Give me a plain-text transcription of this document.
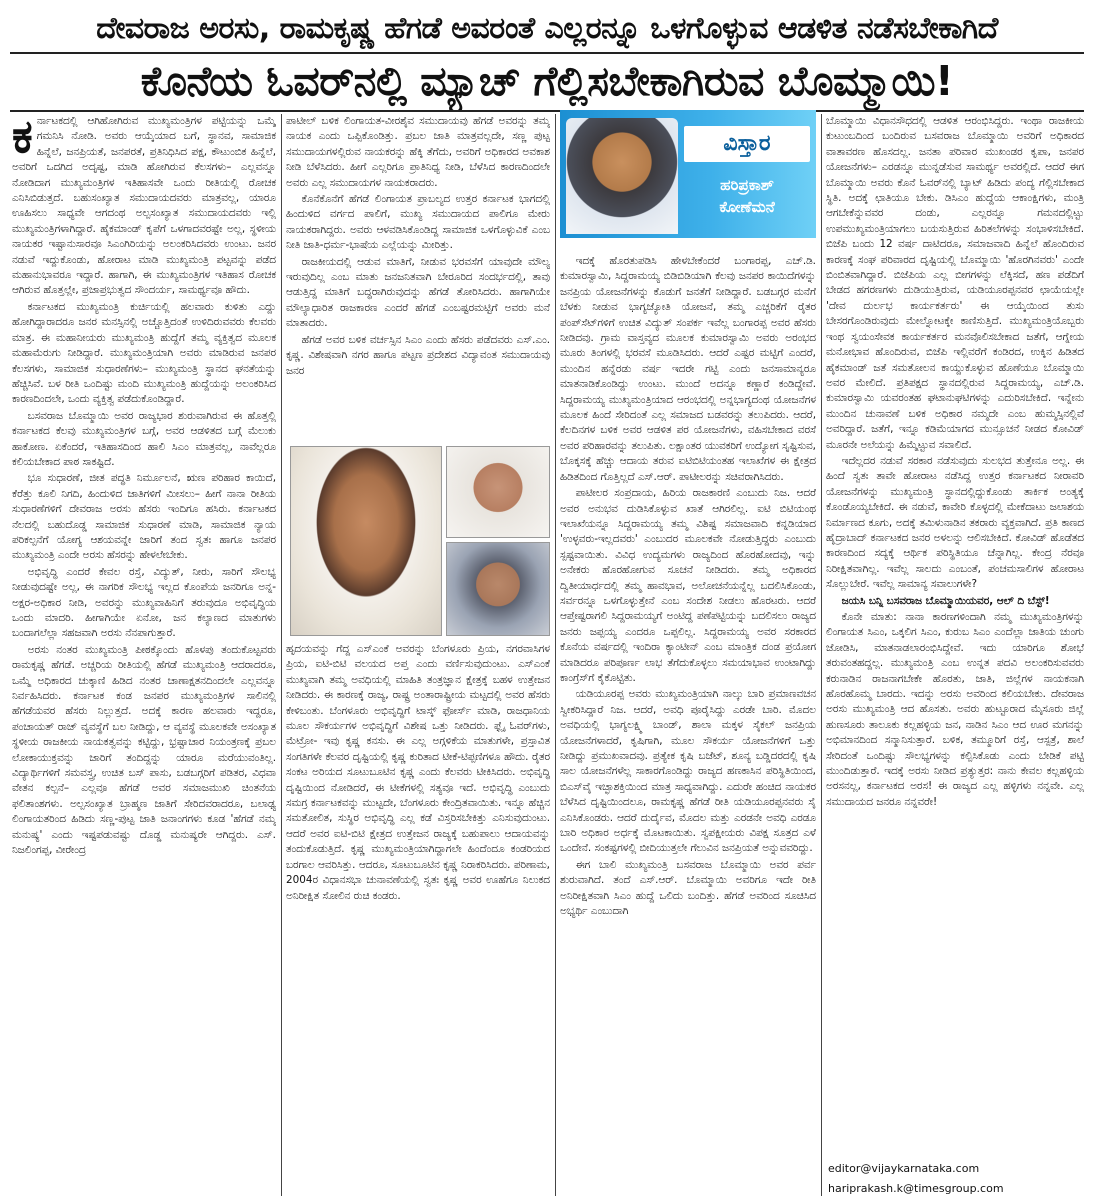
ದೇವರಾಜ ಅರಸು, ರಾಮಕೃಷ್ಣ ಹೆಗಡೆ ಅವರಂತೆ ಎಲ್ಲರನ್ನೂ ಒಳಗೊಳ್ಳುವ ಆಡಳಿತ ನಡೆಸಬೇಕಾಗಿದೆ
ಕೊನೆಯ ಓವರ್‌ನಲ್ಲಿ ಮ್ಯಾಚ್ ಗೆಲ್ಲಿಸಬೇಕಾಗಿರುವ ಬೊಮ್ಮಾಯಿ!

ಕರ್ನಾಟಕದಲ್ಲಿ ಆಗಿಹೋಗಿರುವ ಮುಖ್ಯಮಂತ್ರಿಗಳ ಪಟ್ಟಿಯನ್ನು ಒಮ್ಮೆ ಗಮನಿಸಿ ನೋಡಿ. ಅವರು ಆಯ್ಕೆಯಾದ ಬಗೆ, ಸ್ಥಾನವ, ಸಾಮಾಜಿಕ ಹಿನ್ನೆಲೆ, ಜನಪ್ರಿಯತೆ, ಜನಪರತೆ, ಪ್ರತಿನಿಧಿಸಿದ ಪಕ್ಷ, ಕೌಟುಂಬಿಕ ಹಿನ್ನೆಲೆ, ಅವರಿಗೆ ಒದಗಿದ ಅದೃಷ್ಟ, ಮಾಡಿ ಹೋಗಿರುವ ಕೆಲಸಗಳು– ಎಲ್ಲವನ್ನೂ ನೋಡಿದಾಗ ಮುಖ್ಯಮಂತ್ರಿಗಳ ಇತಿಹಾಸವೇ ಒಂದು ರೀತಿಯಲ್ಲಿ ರೋಚಕ ಎನಿಸಿಬಿಡುತ್ತದೆ. ಬಹುಸಂಖ್ಯಾತ ಸಮುದಾಯದವರು ಮಾತ್ರವಲ್ಲ, ಯಾರೂ ಊಹಿಸಲು ಸಾಧ್ಯವೇ ಆಗದಂಥ ಅಲ್ಪಸಂಖ್ಯಾತ ಸಮುದಾಯದವರು ಇಲ್ಲಿ ಮುಖ್ಯಮಂತ್ರಿಗಳಾಗಿದ್ದಾರೆ. ಹೈಕಮಾಂಡ್ ಕೃಪೆಗೆ ಒಳಗಾದವರಷ್ಟೇ ಅಲ್ಲ, ಸ್ಥಳೀಯ ನಾಯಕರ ಇಷ್ಟಾನುಸಾರವೂ ಸಿಎಂಗಿರಿಯನ್ನು ಅಲಂಕರಿಸಿದವರು ಉಂಟು. ಜನರ ನಡುವೆ ಇದ್ದುಕೊಂಡು, ಹೋರಾಟ ಮಾಡಿ ಮುಖ್ಯಮಂತ್ರಿ ಪಟ್ಟವನ್ನು ಪಡೆದ ಮಹಾನುಭಾವರೂ ಇದ್ದಾರೆ. ಹಾಗಾಗಿ, ಈ ಮುಖ್ಯಮಂತ್ರಿಗಳ ಇತಿಹಾಸ ರೋಚಕ ಆಗಿರುವ ಹೊತ್ತಲ್ಲೇ, ಪ್ರಜಾಪ್ರಭುತ್ವದ ಸೌಂದರ್ಯ, ಸಾಮರ್ಥ್ಯವೂ ಹೌದು.

ಕರ್ನಾಟಕದ ಮುಖ್ಯಮಂತ್ರಿ ಕುರ್ಚಿಯಲ್ಲಿ ಹಲವಾರು ಕುಳಿತು ಎದ್ದು ಹೋಗಿದ್ದಾರಾದರೂ ಜನರ ಮನಸ್ಸಿನಲ್ಲಿ ಅಚ್ಚೊತ್ತಿದಂತೆ ಉಳಿದಿರುವವರು ಕೆಲವರು ಮಾತ್ರ. ಈ ಮಹಾನೀಯರು ಮುಖ್ಯಮಂತ್ರಿ ಹುದ್ದೆಗೆ ತಮ್ಮ ವ್ಯಕ್ತಿತ್ವದ ಮೂಲಕ ಮಹಾಮೆರುಗು ನೀಡಿದ್ದಾರೆ. ಮುಖ್ಯಮಂತ್ರಿಯಾಗಿ ಅವರು ಮಾಡಿರುವ ಜನಪರ ಕೆಲಸಗಳು, ಸಾಮಾಜಿಕ ಸುಧಾರಣೆಗಳು– ಮುಖ್ಯಮಂತ್ರಿ ಸ್ಥಾನದ ಘನತೆಯನ್ನು ಹೆಚ್ಚಿಸಿವೆ. ಬಳ ರೀತಿ ಒಂದಿಷ್ಟು ಮಂದಿ ಮುಖ್ಯಮಂತ್ರಿ ಹುದ್ದೆಯನ್ನು ಅಲಂಕರಿಸಿದ ಕಾರಣದಿಂದಲೇ, ಒಂದು ವ್ಯಕ್ತಿತ್ವ ಪಡೆದುಕೊಂಡಿದ್ದಾರೆ.

ಬಸವರಾಜ ಬೊಮ್ಮಾಯಿ ಅವರ ರಾಜ್ಯಭಾರ ಶುರುವಾಗಿರುವ ಈ ಹೊತ್ತಲ್ಲಿ ಕರ್ನಾಟಕದ ಕೆಲವು ಮುಖ್ಯಮಂತ್ರಿಗಳ ಬಗ್ಗೆ, ಅವರ ಆಡಳಿತದ ಬಗ್ಗೆ ಮೆಲುಕು ಹಾಕೋಣ. ಏಕೆಂದರೆ, ಇತಿಹಾಸದಿಂದ ಹಾಲಿ ಸಿಎಂ ಮಾತ್ರವಲ್ಲ, ನಾವೆಲ್ಲರೂ ಕಲಿಯಬೇಕಾದ ಪಾಠ ಸಾಕಷ್ಟಿದೆ.

ಭೂ ಸುಧಾರಣೆ, ಜೀತ ಪದ್ಧತಿ ನಿರ್ಮೂಲನೆ, ಋಣ ಪರಿಹಾರ ಕಾಯಿದೆ, ಕೆರೆತ್ತು ಕೂಲಿ ನಿಗದಿ, ಹಿಂದುಳಿದ ಜಾತಿಗಳಿಗೆ ಮೀಸಲು– ಹೀಗೆ ನಾನಾ ರೀತಿಯ ಸುಧಾರಣೆಗಳಿಗೆ ದೇವರಾಜ ಅರಸು ಹೆಸರು ಇಂದಿಗೂ ಹಸಿರು. ಕರ್ನಾಟಕದ ನೆಲದಲ್ಲಿ ಬಹುದೊಡ್ಡ ಸಾಮಾಜಿಕ ಸುಧಾರಣೆ ಮಾಡಿ, ಸಾಮಾಜಿಕ ನ್ಯಾಯ ಪರಿಕಲ್ಪನೆಗೆ ಯೋಗ್ಯ ಆಶಯವನ್ನೇ ಜಾರಿಗೆ ತಂದ ಸ್ವತಃ ಹಾಗೂ ಜನಪರ ಮುಖ್ಯಮಂತ್ರಿ ಎಂದೇ ಅರಸು ಹೆಸರನ್ನು ಹೇಳಲೇಬೇಕು.

ಅಭಿವೃದ್ಧಿ ಎಂದರೆ ಕೇವಲ ರಸ್ತೆ, ವಿದ್ಯುತ್, ನೀರು, ಸಾರಿಗೆ ಸೌಲಭ್ಯ ನೀಡುವುದಷ್ಟೇ ಅಲ್ಲ, ಈ ನಾಗರಿಕ ಸೌಲಭ್ಯ ಇಲ್ಲದ ಕೊಂಪೆಯ ಜನರಿಗೂ ಅನ್ನ-ಅಕ್ಷರ-ಅಧಿಕಾರ ನೀಡಿ, ಅವರನ್ನು ಮುಖ್ಯವಾಹಿನಿಗೆ ತರುವುದೂ ಅಭಿವೃದ್ಧಿಯ ಒಂದು ಮಾದರಿ. ಹೀಗಾಗಿಯೇ ಏನೋ, ಜನ ಕಲ್ಯಾಣದ ಮಾತುಗಳು ಬಂದಾಗಲೆಲ್ಲಾ ಸಹಜವಾಗಿ ಅರಸು ನೆನಪಾಗುತ್ತಾರೆ.

ಅರಸು ನಂತರ ಮುಖ್ಯಮಂತ್ರಿ ಪೀಠಕ್ಕೊಂದು ಹೊಳಪು ತಂದುಕೊಟ್ಟವರು ರಾಮಕೃಷ್ಣ ಹೆಗಡೆ. ಅಚ್ಚರಿಯ ರೀತಿಯಲ್ಲಿ ಹೆಗಡೆ ಮುಖ್ಯಮಂತ್ರಿ ಆದರಾದರೂ, ಒಮ್ಮೆ ಅಧಿಕಾರದ ಚುಕ್ಕಾಣಿ ಹಿಡಿದ ನಂತರ ಚಾಣಾಕ್ಷತನದಿಂದಲೇ ಎಲ್ಲವನ್ನೂ ನಿರ್ವಹಿಸಿದರು. ಕರ್ನಾಟಕ ಕಂಡ ಜನಪರ ಮುಖ್ಯಮಂತ್ರಿಗಳ ಸಾಲಿನಲ್ಲಿ ಹೆಗಡೆಯವರ ಹೆಸರು ನಿಲ್ಲುತ್ತದೆ. ಅದಕ್ಕೆ ಕಾರಣ ಹಲವಾರು ಇದ್ದರೂ, ಪಂಚಾಯತ್ ರಾಜ್ ವ್ಯವಸ್ಥೆಗೆ ಬಲ ನೀಡಿದ್ದು, ಆ ವ್ಯವಸ್ಥೆ ಮೂಲಕವೇ ಅಸಂಖ್ಯಾತ ಸ್ಥಳೀಯ ರಾಜಕೀಯ ನಾಯಕತ್ವವನ್ನು ಕಟ್ಟಿದ್ದು, ಭ್ರಷ್ಟಾಚಾರ ನಿಯಂತ್ರಣಕ್ಕೆ ಪ್ರಬಲ ಲೋಕಾಯುಕ್ತವನ್ನು ಜಾರಿಗೆ ತಂದಿದ್ದನ್ನು ಯಾರೂ ಮರೆಯುವಂತಿಲ್ಲ. ವಿದ್ಯಾರ್ಥಿಗಳಿಗೆ ಸಮವಸ್ತ್ರ, ಉಚಿತ ಬಸ್ ಪಾಸು, ಬಡಬಗ್ಗರಿಗೆ ಪಡಿತರ, ವಿಧವಾ ವೇತನ ಕಲ್ಪನೆ– ಎಲ್ಲವೂ ಹೆಗಡೆ ಅವರ ಸಮಾಜಮುಖಿ ಚಿಂತನೆಯ ಫಲಿತಾಂಶಗಳು. ಅಲ್ಪಸಂಖ್ಯಾತ ಬ್ರಾಹ್ಮಣ ಜಾತಿಗೆ ಸೇರಿದವರಾದರೂ, ಬಲಾಢ್ಯ ಲಿಂಗಾಯತರಿಂದ ಹಿಡಿದು ಸಣ್ಣ-ಪುಟ್ಟ ಜಾತಿ ಜನಾಂಗಗಳು ಕೂಡ 'ಹೆಗಡೆ ನಮ್ಮ ಮನುಷ್ಯ' ಎಂದು ಇಷ್ಟಪಡುವಷ್ಟು ದೊಡ್ಡ ಮನುಷ್ಯರೇ ಆಗಿದ್ದರು. ಎಸ್. ನಿಜಲಿಂಗಪ್ಪ, ವೀರೇಂದ್ರ

ಪಾಟೀಲ್ ಬಳಿಕ ಲಿಂಗಾಯತ-ವೀರಶೈವ ಸಮುದಾಯವು ಹೆಗಡೆ ಅವರನ್ನು ತಮ್ಮ ನಾಯಕ ಎಂದು ಒಪ್ಪಿಕೊಂಡಿತ್ತು. ಪ್ರಬಲ ಜಾತಿ ಮಾತ್ರವಲ್ಲದೇ, ಸಣ್ಣ ಪುಟ್ಟ ಸಮುದಾಯಗಳಲ್ಲಿರುವ ನಾಯಕರನ್ನು ಹೆಕ್ಕಿ ತೆಗೆದು, ಅವರಿಗೆ ಅಧಿಕಾರದ ಅವಕಾಶ ನೀಡಿ ಬೆಳೆಸಿದರು. ಹೀಗೆ ಎಲ್ಲರಿಗೂ ಪ್ರಾತಿನಿಧ್ಯ ನೀಡಿ, ಬೆಳೆಸಿದ ಕಾರಣದಿಂದಲೇ ಅವರು ಎಲ್ಲ ಸಮುದಾಯಗಳ ನಾಯಕರಾದರು.

ಕೊನೆಕೊನೆಗೆ ಹೆಗಡೆ ಲಿಂಗಾಯತ ಪ್ರಾಬಲ್ಯದ ಉತ್ತರ ಕರ್ನಾಟಕ ಭಾಗದಲ್ಲಿ ಹಿಂದುಳಿದ ವರ್ಗದ ಪಾಲಿಗೆ, ಮುಖ್ಯ ಸಮುದಾಯದ ಪಾಲಿಗೂ ಮೇರು ನಾಯಕರಾಗಿದ್ದರು. ಅವರು ಆಳವಡಿಸಿಕೊಂಡಿದ್ದ ಸಾಮಾಜಿಕ ಒಳಗೊಳ್ಳುವಿಕೆ ಎಂಬ ನೀತಿ ಜಾತಿ-ಧರ್ಮ-ಭಾಷೆಯ ಎಲ್ಲೆಯನ್ನು ಮೀರಿತ್ತು.

ರಾಜಕೀಯದಲ್ಲಿ ಆಡುವ ಮಾತಿಗೆ, ನೀಡುವ ಭರವಸೆಗೆ ಯಾವುದೇ ಮೌಲ್ಯ ಇರುವುದಿಲ್ಲ ಎಂಬ ಮಾತು ಜನಜನಿತವಾಗಿ ಬೇರೂರಿದ ಸಂದರ್ಭದಲ್ಲಿ, ತಾವು ಆಡುತ್ತಿದ್ದ ಮಾತಿಗೆ ಬದ್ಧರಾಗಿರುವುದನ್ನು ಹೆಗಡೆ ತೋರಿಸಿದರು. ಹಾಗಾಗಿಯೇ ಮೌಲ್ಯಾಧಾರಿತ ರಾಜಕಾರಣ ಎಂದರೆ ಹೆಗಡೆ ಎಂಬಷ್ಟರಮಟ್ಟಿಗೆ ಅವರು ಮನೆ ಮಾತಾದರು.

ಹೆಗಡೆ ಅವರ ಬಳಿಕ ವರ್ಚಸ್ಸಿನ ಸಿಎಂ ಎಂದು ಹೆಸರು ಪಡೆದವರು ಎಸ್.ಎಂ. ಕೃಷ್ಣ. ವಿಶೇಷವಾಗಿ ನಗರ ಹಾಗೂ ಪಟ್ಟಣ ಪ್ರದೇಶದ ವಿದ್ಯಾವಂತ ಸಮುದಾಯವು ಜನರ

ಹೃದಯವನ್ನು ಗೆದ್ದ ಎಸ್‌ಎಂಕೆ ಅವರನ್ನು ಬೆಂಗಳೂರು ಪ್ರಿಯ, ನಗರವಾಸಿಗಳ ಪ್ರಿಯ, ಐಟಿ-ಬಿಟಿ ವಲಯದ ಅಪ್ತ ಎಂದು ವರ್ಣಿಸುವುದುಂಟು. ಎಸ್‌ಎಂಕೆ ಮುಖ್ಯವಾಗಿ ತಮ್ಮ ಅವಧಿಯಲ್ಲಿ ಮಾಹಿತಿ ತಂತ್ರಜ್ಞಾನ ಕ್ಷೇತ್ರಕ್ಕೆ ಬಹಳ ಉತ್ತೇಜನ ನೀಡಿದರು. ಈ ಕಾರಣಕ್ಕೆ ರಾಜ್ಯ, ರಾಷ್ಟ್ರ ಅಂತಾರಾಷ್ಟ್ರೀಯ ಮಟ್ಟದಲ್ಲಿ ಅವರ ಹೆಸರು ಕೇಳಿಬಂತು. ಬೆಂಗಳೂರು ಅಭಿವೃದ್ಧಿಗೆ ಟಾಸ್ಕ್ ಫೋರ್ಸ್ ಮಾಡಿ, ರಾಜಧಾನಿಯ ಮೂಲ ಸೌಕರ್ಯಗಳ ಅಭಿವೃದ್ಧಿಗೆ ವಿಶೇಷ ಒತ್ತು ನೀಡಿದರು. ಫ್ಲೈ ಓವರ್‌ಗಳು, ಮೆಟ್ರೋ- ಇವು ಕೃಷ್ಣ ಕನಸು. ಈ ಎಲ್ಲ ಅಗ್ಗಳಿಕೆಯ ಮಾತುಗಳೇ, ಪ್ರಸ್ತಾವಿತ ಸಂಗತಿಗಳೇ ಕೆಲವರ ದೃಷ್ಟಿಯಲ್ಲಿ ಕೃಷ್ಣ ಕುರಿತಾದ ಟೀಕೆ-ಟಿಪ್ಪಣಿಗಳೂ ಹೌದು. ರೈತರ ಸಂಕಟ ಅರಿಯದ ಸೂಟುಬೂಟಿನ ಕೃಷ್ಣ ಎಂದು ಕೆಲವರು ಟೀಕಿಸಿದರು. ಅಭಿವೃದ್ಧಿ ದೃಷ್ಟಿಯಿಂದ ನೋಡಿದರೆ, ಈ ಟೀಕೆಗಳಲ್ಲಿ ಸತ್ಯವೂ ಇದೆ. ಅಭಿವೃದ್ಧಿ ಎಂಬುದು ಸಮಗ್ರ ಕರ್ನಾಟಕವನ್ನು ಮುಟ್ಟದೇ, ಬೆಂಗಳೂರು ಕೇಂದ್ರಿತವಾಯಿತು. ಇನ್ನೂ ಹೆಚ್ಚಿನ ಸಮತೋಲಿತ, ಸುಸ್ಥಿರ ಅಭಿವೃದ್ಧಿ ಎಲ್ಲ ಕಡೆ ವಿಸ್ತರಿಸಬೇಕಿತ್ತು ಎನಿಸುವುದುಂಟು. ಆದರೆ ಅವರ ಐಟಿ-ಬಿಟಿ ಕ್ಷೇತ್ರದ ಉತ್ತೇಜನ ರಾಜ್ಯಕ್ಕೆ ಬಹುಪಾಲು ಆದಾಯವನ್ನು ತಂದುಕೊಡುತ್ತಿದೆ. ಕೃಷ್ಣ ಮುಖ್ಯಮಂತ್ರಿಯಾಗಿದ್ದಾಗಲೇ ಹಿಂದೆಂದೂ ಕಂಡರಿಯದ ಬರಗಾಲ ಆವರಿಸಿತ್ತು. ಆದರೂ, ಸೂಟುಬೂಟಿನ ಕೃಷ್ಣ ನಿರಾಕರಿಸಿದರು. ಪರಿಣಾಮ, 2004ರ ವಿಧಾನಸಭಾ ಚುನಾವಣೆಯಲ್ಲಿ ಸ್ವತಃ ಕೃಷ್ಣ ಅವರ ಊಹೆಗೂ ನಿಲುಕದ ಅನಿರೀಕ್ಷಿತ ಸೋಲಿನ ರುಚಿ ಕಂಡರು.

ವಿಸ್ತಾರ
ಹರಿಪ್ರಕಾಶ್
ಕೋಣೆಮನೆ

ಇದಕ್ಕೆ ಹೊರತುಪಡಿಸಿ ಹೇಳಬೇಕೆಂದರೆ ಬಂಗಾರಪ್ಪ, ಎಚ್.ಡಿ. ಕುಮಾರಸ್ವಾಮಿ, ಸಿದ್ದರಾಮಯ್ಯ ಬಿಡಿಬಿಡಿಯಾಗಿ ಕೆಲವು ಜನಪರ ಕಾಯಿದೆಗಳನ್ನು ಜನಪ್ರಿಯ ಯೋಜನೆಗಳನ್ನು ಕೊಡುಗೆ ಜನತೆಗೆ ನೀಡಿದ್ದಾರೆ. ಬಡಬಗ್ಗರ ಮನೆಗೆ ಬೆಳಕು ನೀಡುವ ಭಾಗ್ಯಜ್ಯೋತಿ ಯೋಜನೆ, ತಮ್ಮ ಎಚ್ಚರಿಕೆಗೆ ರೈತರ ಪಂಪ್‌ಸೆಟ್‌ಗಳಿಗೆ ಉಚಿತ ವಿದ್ಯುತ್ ಸಂಪರ್ಕ ಇವೆಲ್ಲ ಬಂಗಾರಪ್ಪ ಅವರ ಹೆಸರು ನೀಡಿದವು. ಗ್ರಾಮ ವಾಸ್ತವ್ಯದ ಮೂಲಕ ಕುಮಾರಸ್ವಾಮಿ ಅವರು ಅರಂಭದ ಮೂರು ತಿಂಗಳಲ್ಲಿ ಭರವಸೆ ಮೂಡಿಸಿದರು. ಆದರೆ ಎಷ್ಟರ ಮಟ್ಟಿಗೆ ಎಂದರೆ, ಮುಂದಿನ ಹನ್ನೆರಡು ವರ್ಷ ಇದರೇ ಗಟ್ಟಿ ಎಂದು ಜನಸಾಮಾನ್ಯರೂ ಮಾತನಾಡಿಕೊಂಡಿದ್ದು ಉಂಟು. ಮುಂದೆ ಅದನ್ನೂ ಕಣ್ಣಾರೆ ಕಂಡಿದ್ದೇವೆ. ಸಿದ್ದರಾಮಯ್ಯ ಮುಖ್ಯಮಂತ್ರಿಯಾದ ಆರಂಭದಲ್ಲಿ ಅನ್ನಭಾಗ್ಯದಂಥ ಯೋಜನೆಗಳ ಮೂಲಕ ಹಿಂದೆ ಸೇರಿದಂತೆ ಎಲ್ಲ ಸಮಾಜದ ಬಡವರನ್ನು ತಲುಪಿದರು. ಆದರೆ, ಕೆಲದಿನಗಳ ಬಳಿಕ ಅವರ ಆಡಳಿತ ಪರ ಯೋಜನೆಗಳು, ವಹಿಸಬೇಕಾದ ವರಸೆ ಅವರ ಪರಿಹಾರವನ್ನು ತಲುಪಿತು. ಲಕ್ಷಾಂತರ ಯುವಕರಿಗೆ ಉದ್ಯೋಗ ಸೃಷ್ಟಿಸುವ, ಬೊಕ್ಕಸಕ್ಕೆ ಹೆಚ್ಚು ಆದಾಯ ತರುವ ಐಟಿಬಿಟಿಯಂತಹ ಇಲಾಖೆಗಳ ಈ ಕ್ಷೇತ್ರದ ಹಿಡಿತದಿಂದ ಗೊತ್ತಿಲ್ಲದೆ ಎಸ್.ಆರ್. ಪಾಟೀಲರನ್ನು ಸಚಿವರಾಗಿಸಿದರು.

ಪಾಟೀಲರ ಸಂಪ್ರದಾಯ, ಹಿರಿಯ ರಾಜಕಾರಣಿ ಎಂಬುದು ನಿಜ. ಆದರೆ ಅವರ ಅನುಭವ ದುಡಿಸಿಕೊಳ್ಳುವ ಖಾತೆ ಆಗಿರಲಿಲ್ಲ. ಐಟಿ ಬಿಟಿಯಂಥ ಇಲಾಖೆಯನ್ನೂ ಸಿದ್ದರಾಮಯ್ಯ ತಮ್ಮ ವಿಶಿಷ್ಟ ಸಮಾಜವಾದಿ ಕನ್ನಡಿಯಾದ 'ಉಳ್ಳವರು-ಇಲ್ಲದವರು' ಎಂಬುದರ ಮೂಲಕವೇ ನೋಡುತ್ತಿದ್ದರು ಎಂಬುದು ಸ್ಪಷ್ಟವಾಯಿತು. ವಿವಿಧ ಉದ್ಯಮಗಳು ರಾಜ್ಯದಿಂದ ಹೊರಹೋದವು, ಇನ್ನು ಅನೇಕರು ಹೊರಹೋಗುವ ಸೂಚನೆ ನೀಡಿದರು. ತಮ್ಮ ಅಧಿಕಾರದ ದ್ವಿತೀಯಾರ್ಧದಲ್ಲಿ ತಮ್ಮ ಹಾವಭಾವ, ಅಲೋಚನೆಯನ್ನೆಲ್ಲ ಬದಲಿಸಿಕೊಂಡು, ಸರ್ವರನ್ನೂ ಒಳಗೊಳ್ಳುತ್ತೇನೆ ಎಂಬ ಸಂದೇಶ ನೀಡಲು ಹೊರಟರು. ಆದರೆ ಆಪ್ತೇಷ್ಟರಾಗಲಿ ಸಿದ್ದರಾಮಯ್ಯಗೆ ಅಂಟಿದ್ದ ಪಣೆಪಟ್ಟಿಯನ್ನು ಬದಲಿಸಲು ರಾಜ್ಯದ ಜನರು ಜಪ್ಪಯ್ಯ ಎಂದರೂ ಒಪ್ಪಲಿಲ್ಲ. ಸಿದ್ದರಾಮಯ್ಯ ಅವರ ಸರಕಾರದ ಕೊನೆಯ ವರ್ಷದಲ್ಲಿ ಇಂದಿರಾ ಕ್ಯಾಂಟೀನ್ ಎಂಬ ಮಾಂತ್ರಿಕ ದಂಡ ಪ್ರಯೋಗ ಮಾಡಿದರೂ ಪರಿಪೂರ್ಣ ಲಾಭ ತೆಗೆದುಕೊಳ್ಳಲು ಸಮಯಾಭಾವ ಉಂಟಾಗಿದ್ದು ಕಾಂಗ್ರೆಸ್‌ಗೆ ಕೈಕೊಟ್ಟಿತು.

ಯಡಿಯೂರಪ್ಪ ಅವರು ಮುಖ್ಯಮಂತ್ರಿಯಾಗಿ ನಾಲ್ಕು ಬಾರಿ ಪ್ರಮಾಣವಚನ ಸ್ವೀಕರಿಸಿದ್ದಾರೆ ನಿಜ. ಆದರೆ, ಅವಧಿ ಪೂರೈಸಿದ್ದು ಎರಡೇ ಬಾರಿ. ಮೊದಲ ಅವಧಿಯಲ್ಲಿ ಭಾಗ್ಯಲಕ್ಷ್ಮಿ ಬಾಂಡ್, ಶಾಲಾ ಮಕ್ಕಳ ಸೈಕಲ್ ಜನಪ್ರಿಯ ಯೋಜನೆಗಳಾದರೆ, ಕೃಷಿಗಾಗಿ, ಮೂಲ ಸೌಕರ್ಯ ಯೋಜನೆಗಳಿಗೆ ಒತ್ತು ನೀಡಿದ್ದು ಪ್ರಮುಖವಾದವು. ಪ್ರತ್ಯೇಕ ಕೃಷಿ ಬಜೆಟ್, ಶೂನ್ಯ ಬಡ್ಡಿದರದಲ್ಲಿ ಕೃಷಿ ಸಾಲ ಯೋಜನೆಗಳೆಲ್ಲ ಸಾಕಾರಗೊಂಡಿದ್ದು ರಾಜ್ಯದ ಹಣಕಾಸಿನ ಪರಿಸ್ಥಿತಿಯಿಂದ, ಬಿಎಸ್‌ವೈ ಇಚ್ಛಾಶಕ್ತಿಯಿಂದ ಮಾತ್ರ ಸಾಧ್ಯವಾಗಿದ್ದು. ಎದುರೇ ಹಂಚಿದ ನಾಯಕರ ಬೆಳೆಸಿದ ದೃಷ್ಟಿಯಿಂದಲೂ, ರಾಮಕೃಷ್ಣ ಹೆಗಡೆ ರೀತಿ ಯಡಿಯೂರಪ್ಪನವರು ಸೈ ಎನಿಸಿಕೊಂಡರು. ಆದರೆ ದುರ್ದೈವ, ಮೊದಲ ಮತ್ತು ಎರಡನೇ ಅವಧಿ ಎರಡೂ ಬಾರಿ ಅಧಿಕಾರ ಅರ್ಧಕ್ಕೆ ಮೊಟಕಾಯಿತು. ಸ್ವಪಕ್ಷೀಯರು ವಿಪಕ್ಷ ಸೂತ್ರದ ಎಳೆ ಒಂದೇನೆ. ಸಂಕಷ್ಟಗಳಲ್ಲಿ ಬೀದಿಯುತ್ತಲೇ ಗೆಲುವಿನ ಜನಪ್ರಿಯತೆ ಅನ್ನುವವರಿದ್ದು.

ಈಗ ಬಾಲಿ ಮುಖ್ಯಮಂತ್ರಿ ಬಸವರಾಜ ಬೊಮ್ಮಾಯಿ ಅವರ ಪರ್ವ ಶುರುವಾಗಿದೆ. ತಂದೆ ಎಸ್.ಆರ್. ಬೊಮ್ಮಾಯಿ ಅವರಿಗೂ ಇದೇ ರೀತಿ ಅನಿರೀಕ್ಷಿತವಾಗಿ ಸಿಎಂ ಹುದ್ದೆ ಒಲಿದು ಬಂದಿತ್ತು. ಹೆಗಡೆ ಅವರಿಂದ ಸೂಚಿಸಿದ ಅಭ್ಯರ್ಥಿ ಎಂಬುದಾಗಿ

ಬೊಮ್ಮಾಯಿ ವಿಧಾನಸೌಧದಲ್ಲಿ ಆಡಳಿತ ಆರಂಭಿಸಿದ್ದರು. ಇಂಥಾ ರಾಜಕೀಯ ಕುಟುಂಬದಿಂದ ಬಂದಿರುವ ಬಸವರಾಜ ಬೊಮ್ಮಾಯಿ ಅವರಿಗೆ ಅಧಿಕಾರದ ವಾತಾವರಣ ಹೊಸದಲ್ಲ. ಜನತಾ ಪರಿವಾರ ಮುಖಂಡರ ಕೃಪಾ, ಜನಪರ ಯೋಜನೆಗಳು– ಎರಡನ್ನೂ ಮುನ್ನಡೆಸುವ ಸಾಮರ್ಥ್ಯ ಅವರಲ್ಲಿದೆ. ಆದರೆ ಈಗ ಬೊಮ್ಮಾಯಿ ಅವರು ಕೊನೆ ಓವರ್‌ನಲ್ಲಿ ಬ್ಯಾಟ್ ಹಿಡಿದು ಪಂದ್ಯ ಗೆಲ್ಲಿಸಬೇಕಾದ ಸ್ಥಿತಿ. ಅದಕ್ಕೆ ಛಾತಿಯೂ ಬೇಕು. ಡಿಸಿಎಂ ಹುದ್ದೆಯ ಆಕಾಂಕ್ಷಿಗಳು, ಮಂತ್ರಿ ಆಗಬೇಕೆನ್ನುವವರ ದಂಡು, ಎಲ್ಲರನ್ನೂ ಗಮನದಲ್ಲಿಟ್ಟು ಉಪಮುಖ್ಯಮಂತ್ರಿಯಾಗಲು ಬಯಸುತ್ತಿರುವ ಹಿರಿತಲೆಗಳನ್ನು ಸಂಭಾಳಿಸಬೇಕಿದೆ. ಬಿಜೆಪಿ ಬಂದು 12 ವರ್ಷ ದಾಟಿದರೂ, ಸಮಾಜವಾದಿ ಹಿನ್ನೆಲೆ ಹೊಂದಿರುವ ಕಾರಣಕ್ಕೆ ಸಂಘ ಪರಿವಾರದ ದೃಷ್ಟಿಯಲ್ಲಿ ಬೊಮ್ಮಾಯಿ 'ಹೊರಗಿನವರು' ಎಂದೇ ಬಿಂಬಿತವಾಗಿದ್ದಾರೆ. ಬಿಜೆಪಿಯ ಎಲ್ಲ ಬೀಗಗಳನ್ನು ಲೆಕ್ಕಿಸದೆ, ಹಣ ಪಡೆದಿಗೆ ಬೇಡದ ಹಗರಣಗಳು ದುಡಿಯುತ್ತಿರುವ, ಯಡಿಯೂರಪ್ಪನವರ ಛಾಯೆಯಲ್ಲೇ 'ದೇವ ದುರ್ಲಭ ಕಾರ್ಯಕರ್ತರು' ಈ ಆಯ್ಕೆಯಿಂದ ತುಸು ಬೇಸರಗೊಂಡಿರುವುದು ಮೇಲ್ನೋಟಕ್ಕೇ ಕಾಣಿಸುತ್ತಿದೆ. ಮುಖ್ಯಮಂತ್ರಿಯೊಬ್ಬರು ಇಂಥ ಸ್ವಯಂಸೇವಕ ಕಾರ್ಯಕರ್ತರ ಮನವೊಲಿಸಬೇಕಾದ ಜತೆಗೆ, ಆಗ್ನೇಯ ಮನೋಭಾವ ಹೊಂದಿರುವ, ಬಿಜೆಪಿ ಇಲ್ಲಿವರೆಗೆ ಕಂಡಿರದ, ಉಕ್ಕಿನ ಹಿಡಿತದ ಹೈಕಮಾಂಡ್ ಜತೆ ಸಮತೋಲನ ಕಾಯ್ದುಕೊಳ್ಳುವ ಹೊಣೆಯೂ ಬೊಮ್ಮಾಯಿ ಅವರ ಮೇಲಿದೆ. ಪ್ರತಿಪಕ್ಷದ ಸ್ಥಾನದಲ್ಲಿರುವ ಸಿದ್ದರಾಮಯ್ಯ, ಎಚ್.ಡಿ. ಕುಮಾರಸ್ವಾಮಿ ಯವರಂತಹ ಘಟಾನುಘಟಿಗಳನ್ನು ಎದುರಿಸಬೇಕಿದೆ. ಇನ್ನೇನು ಮುಂದಿನ ಚುನಾವಣೆ ಬಳಿಕ ಅಧಿಕಾರ ನಮ್ಮದೇ ಎಂಬ ಹುಮ್ಮಸ್ಸಿನಲ್ಲಿವೆ ಅವರಿದ್ದಾರೆ. ಜತೆಗೆ, ಇನ್ನೂ ಕಡಿಮೆಯಾಗದ ಮುನ್ಸೂಚನೆ ನೀಡದ ಕೋವಿಡ್ ಮೂರನೇ ಅಲೆಯನ್ನು ಹಿಮ್ಮೆಟ್ಟುವ ಸವಾಲಿದೆ.

ಇದೆಲ್ಲದರ ನಡುವೆ ಸರಕಾರ ನಡೆಸುವುದು ಸುಲಭದ ತುತ್ತೇನೂ ಅಲ್ಲ. ಈ ಹಿಂದೆ ಸ್ವತಃ ತಾವೇ ಹೋರಾಟ ನಡೆಸಿದ್ದ ಉತ್ತರ ಕರ್ನಾಟಕದ ನೀರಾವರಿ ಯೋಜನೆಗಳನ್ನು ಮುಖ್ಯಮಂತ್ರಿ ಸ್ಥಾನದಲ್ಲಿದ್ದುಕೊಂಡು ತಾರ್ಕಿಕ ಅಂತ್ಯಕ್ಕೆ ಕೊಂಡೊಯ್ಯಬೇಕಿದೆ. ಈ ನಡುವೆ, ಕಾವೇರಿ ಕೊಳ್ಳದಲ್ಲಿ ಮೇಕೆದಾಟು ಜಲಾಶಯ ನಿರ್ಮಾಣದ ಕೂಗು, ಅದಕ್ಕೆ ತಮಿಳುನಾಡಿನ ತಕರಾರು ವ್ಯಕ್ತವಾಗಿದೆ. ಪ್ರತಿ ಕಾಣದ ಹೈದ್ರಾಬಾದ್ ಕರ್ನಾಟಕದ ಜನರ ಅಳಲನ್ನು ಆಲಿಸಬೇಕಿದೆ. ಕೋವಿಡ್ ಹೊಡೆತದ ಕಾರಣದಿಂದ ಸದ್ಯಕ್ಕೆ ಆರ್ಥಿಕ ಪರಿಸ್ಥಿತಿಯೂ ಚೆನ್ನಾಗಿಲ್ಲ. ಕೇಂದ್ರ ನೆರವೂ ನಿರೀಕ್ಷಿತವಾಗಿಲ್ಲ. ಇವೆಲ್ಲ ಸಾಲದು ಎಂಬಂತೆ, ಪಂಚಮಸಾಲಿಗಳ ಹೋರಾಟ ಸೊಲ್ಲುಬೇರೆ. ಇವೆಲ್ಲ ಸಾಮಾನ್ಯ ಸವಾಲುಗಳೇ?

ಜಯಸಿ ಬನ್ನಿ ಬಸವರಾಜ ಬೊಮ್ಮಾಯಿಯವರ, ಆಲ್ ದಿ ಬೆಸ್ಟ್!

ಕೊನೇ ಮಾತು: ನಾನಾ ಕಾರಣಗಳಿಂದಾಗಿ ನಮ್ಮ ಮುಖ್ಯಮಂತ್ರಿಗಳನ್ನು ಲಿಂಗಾಯತ ಸಿಎಂ, ಒಕ್ಕಲಿಗ ಸಿಎಂ, ಕುರುಬ ಸಿಎಂ ಎಂದೆಲ್ಲಾ ಜಾತಿಯ ಚುಂಗು ಜೋಡಿಸಿ, ಮಾತನಾಡಲಾರಂಭಿಸಿದ್ದೇವೆ. ಇದು ಯಾರಿಗೂ ಶೋಭೆ ತರುವಂತಹದ್ದಲ್ಲ. ಮುಖ್ಯಮಂತ್ರಿ ಎಂಬ ಉನ್ನತ ಪದವಿ ಅಲಂಕರಿಸುವವರು ಕರುನಾಡಿನ ರಾಜನಾಗಬೇಕೇ ಹೊರತು, ಜಾತಿ, ಜಿಲ್ಲೆಗಳ ನಾಯಕನಾಗಿ ಹೊರಹೊಮ್ಮ ಬಾರದು. ಇದನ್ನು ಅರಸು ಅವರಿಂದ ಕಲಿಯಬೇಕು. ದೇವರಾಜ ಅರಸು ಮುಖ್ಯಮಂತ್ರಿ ಆದ ಹೊಸತು. ಅವರು ಹುಟ್ಟೂರಾದ ಮೈಸೂರು ಜಿಲ್ಲೆ ಹುಣಸೂರು ತಾಲೂಕು ಕಲ್ಲಹಳ್ಳಿಯ ಜನ, ನಾಡಿನ ಸಿಎಂ ಆದ ಊರ ಮಗನನ್ನು ಅಭಿಮಾನದಿಂದ ಸನ್ಮಾನಿಸುತ್ತಾರೆ. ಬಳಿಕ, ತಮ್ಮೂರಿಗೆ ರಸ್ತೆ, ಆಸ್ಪತ್ರೆ, ಶಾಲೆ ಸೇರಿದಂತೆ ಒಂದಿಷ್ಟು ಸೌಲಭ್ಯಗಳನ್ನು ಕಲ್ಪಿಸಿಕೊಡು ಎಂದು ಬೇಡಿಕೆ ಪಟ್ಟಿ ಮುಂದಿಡುತ್ತಾರೆ. ಇದಕ್ಕೆ ಅರಸು ನೀಡಿದ ಪ್ರತ್ಯುತ್ತರ: ನಾನು ಕೇವಲ ಕಲ್ಲಹಳ್ಳಿಯ ಅರಸನಲ್ಲ, ಕರ್ನಾಟಕದ ಅರಸ! ಈ ರಾಜ್ಯದ ಎಲ್ಲ ಹಳ್ಳಿಗಳು ನನ್ನವೇ. ಎಲ್ಲ ಸಮುದಾಯದ ಜನರೂ ನನ್ನವರೇ!

editor@vijaykarnataka.com
hariprakash.k@timesgroup.com
